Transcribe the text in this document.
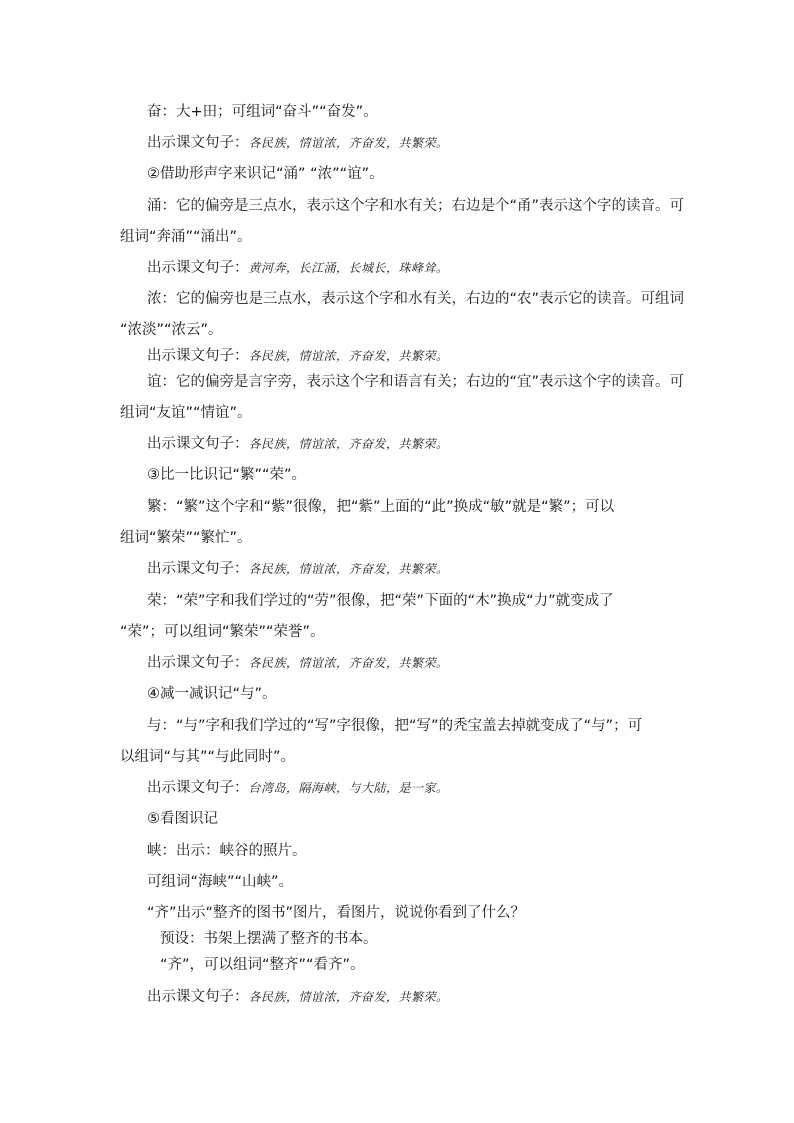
奋：大+田；可组词“奋斗”“奋发”。
出示课文句子：各民族，情谊浓，齐奋发，共繁荣。
②借助形声字来识记“涌” “浓”“谊”。
涌：它的偏旁是三点水，表示这个字和水有关；右边是个“甬”表示这个字的读音。可
组词“奔涌”“涌出”。
出示课文句子：黄河奔，长江涌，长城长，珠峰耸。
浓：它的偏旁也是三点水，表示这个字和水有关，右边的“农”表示它的读音。可组词
“浓淡”“浓云”。
出示课文句子：各民族，情谊浓，齐奋发，共繁荣。
谊：它的偏旁是言字旁，表示这个字和语言有关；右边的“宜”表示这个字的读音。可
组词“友谊”“情谊”。
出示课文句子：各民族，情谊浓，齐奋发，共繁荣。
③比一比识记“繁”“荣”。
繁：“繁”这个字和“紫”很像，把“紫”上面的“此”换成“敏”就是“繁”；可以
组词“繁荣”“繁忙”。
出示课文句子：各民族，情谊浓，齐奋发，共繁荣。
荣：“荣”字和我们学过的“劳”很像，把“荣”下面的“木”换成“力”就变成了
“荣”；可以组词“繁荣”“荣誉”。
出示课文句子：各民族，情谊浓，齐奋发，共繁荣。
④减一减识记“与”。
与：“与”字和我们学过的“写”字很像，把“写”的秃宝盖去掉就变成了“与”；可
以组词“与其”“与此同时”。
出示课文句子：台湾岛，隔海峡，与大陆，是一家。
⑤看图识记
峡：出示：峡谷的照片。
可组词“海峡”“山峡”。
“齐”出示“整齐的图书”图片，看图片，说说你看到了什么？
预设：书架上摆满了整齐的书本。
“齐”，可以组词“整齐”“看齐”。
出示课文句子：各民族，情谊浓，齐奋发，共繁荣。
